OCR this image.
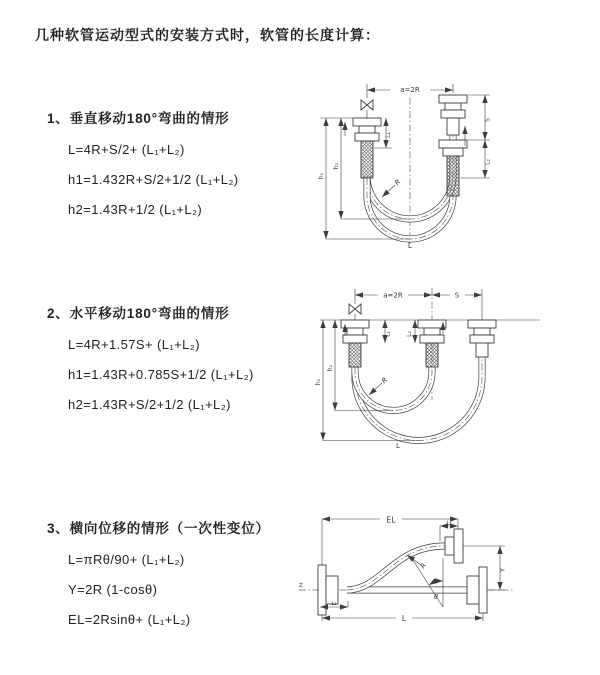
几种软管运动型式的安装方式时，软管的长度计算：
1、垂直移动180°弯曲的情形
L=4R+S/2+ (L₁+L₂)
h1=1.432R+S/2+1/2 (L₁+L₂)
h2=1.43R+1/2 (L₁+L₂)
2、水平移动180°弯曲的情形
L=4R+1.57S+ (L₁+L₂)
h1=1.43R+0.785S+1/2 (L₁+L₂)
h2=1.43R+S/2+1/2 (L₁+L₂)
3、横向位移的情形（一次性变位）
L=πRθ/90+ (L₁+L₂)
Y=2R (1-cosθ)
EL=2Rsinθ+ (L₁+L₂)
a=2R
h₁
h₂
S
L₂
L₁
R
L
a=2R	S
h₁
h₂
L₁ L₂
R
L
Z
θ
EL	L₂
Y
L
L₁
R
